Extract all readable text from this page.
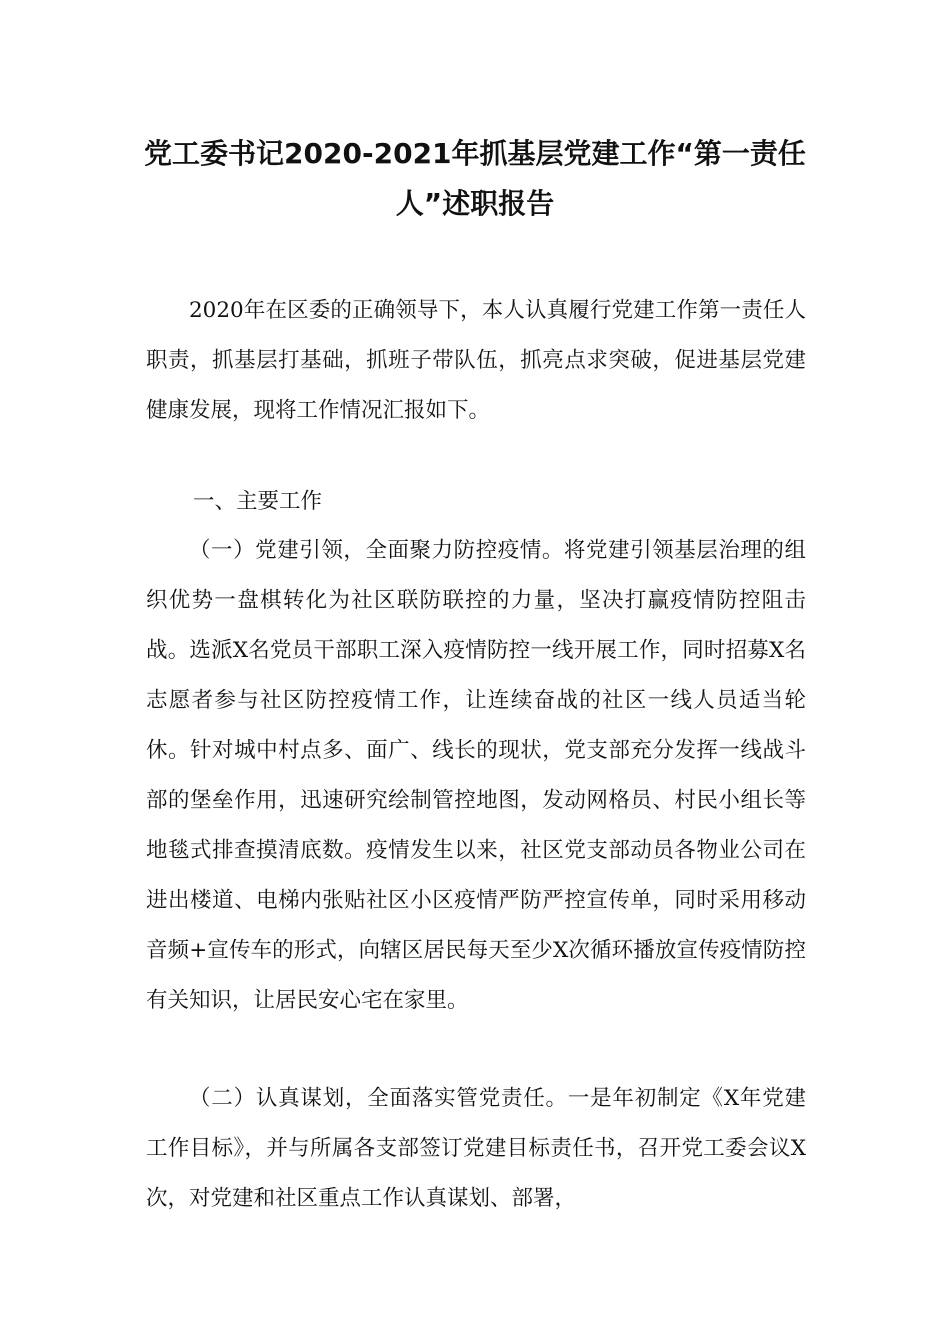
党工委书记2020-2021年抓基层党建工作“第一责任人”述职报告

2020年在区委的正确领导下，本人认真履行党建工作第一责任人职责，抓基层打基础，抓班子带队伍，抓亮点求突破，促进基层党建健康发展，现将工作情况汇报如下。

一、主要工作

（一）党建引领，全面聚力防控疫情。将党建引领基层治理的组织优势一盘棋转化为社区联防联控的力量，坚决打赢疫情防控阻击战。选派X名党员干部职工深入疫情防控一线开展工作，同时招募X名志愿者参与社区防控疫情工作，让连续奋战的社区一线人员适当轮休。针对城中村点多、面广、线长的现状，党支部充分发挥一线战斗部的堡垒作用，迅速研究绘制管控地图，发动网格员、村民小组长等地毯式排查摸清底数。疫情发生以来，社区党支部动员各物业公司在进出楼道、电梯内张贴社区小区疫情严防严控宣传单，同时采用移动音频+宣传车的形式，向辖区居民每天至少X次循环播放宣传疫情防控有关知识，让居民安心宅在家里。

（二）认真谋划，全面落实管党责任。一是年初制定《X年党建工作目标》，并与所属各支部签订党建目标责任书，召开党工委会议X次，对党建和社区重点工作认真谋划、部署，
